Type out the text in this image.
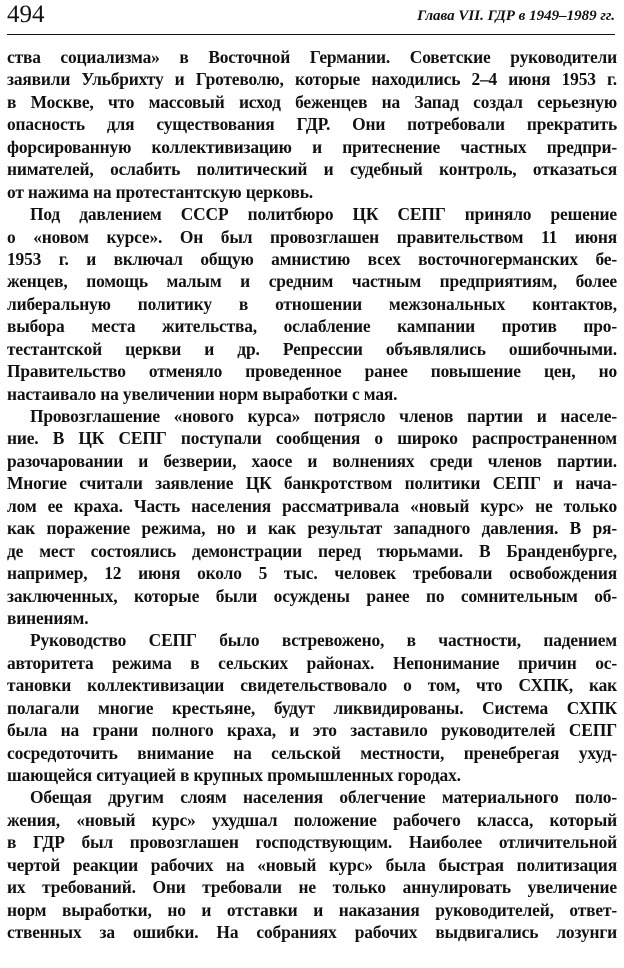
494	Глава VII. ГДР в 1949–1989 гг.
ства социализма» в Восточной Германии. Советские руководители
заявили Ульбрихту и Гротеволю, которые находились 2–4 июня 1953 г.
в Москве, что массовый исход беженцев на Запад создал серьезную
опасность для существования ГДР. Они потребовали прекратить
форсированную коллективизацию и притеснение частных предпри-
нимателей, ослабить политический и судебный контроль, отказаться
от нажима на протестантскую церковь.
Под давлением СССР политбюро ЦК СЕПГ приняло решение
о «новом курсе». Он был провозглашен правительством 11 июня
1953 г. и включал общую амнистию всех восточногерманских бе-
женцев, помощь малым и средним частным предприятиям, более
либеральную политику в отношении межзональных контактов,
выбора места жительства, ослабление кампании против про-
тестантской церкви и др. Репрессии объявлялись ошибочными.
Правительство отменяло проведенное ранее повышение цен, но
настаивало на увеличении норм выработки с мая.
Провозглашение «нового курса» потрясло членов партии и населе-
ние. В ЦК СЕПГ поступали сообщения о широко распространенном
разочаровании и безверии, хаосе и волнениях среди членов партии.
Многие считали заявление ЦК банкротством политики СЕПГ и нача-
лом ее краха. Часть населения рассматривала «новый курс» не только
как поражение режима, но и как результат западного давления. В ря-
де мест состоялись демонстрации перед тюрьмами. В Бранденбурге,
например, 12 июня около 5 тыс. человек требовали освобождения
заключенных, которые были осуждены ранее по сомнительным об-
винениям.
Руководство СЕПГ было встревожено, в частности, падением
авторитета режима в сельских районах. Непонимание причин ос-
тановки коллективизации свидетельствовало о том, что СХПК, как
полагали многие крестьяне, будут ликвидированы. Система СХПК
была на грани полного краха, и это заставило руководителей СЕПГ
сосредоточить внимание на сельской местности, пренебрегая ухуд-
шающейся ситуацией в крупных промышленных городах.
Обещая другим слоям населения облегчение материального поло-
жения, «новый курс» ухудшал положение рабочего класса, который
в ГДР был провозглашен господствующим. Наиболее отличительной
чертой реакции рабочих на «новый курс» была быстрая политизация
их требований. Они требовали не только аннулировать увеличение
норм выработки, но и отставки и наказания руководителей, ответ-
ственных за ошибки. На собраниях рабочих выдвигались лозунги
